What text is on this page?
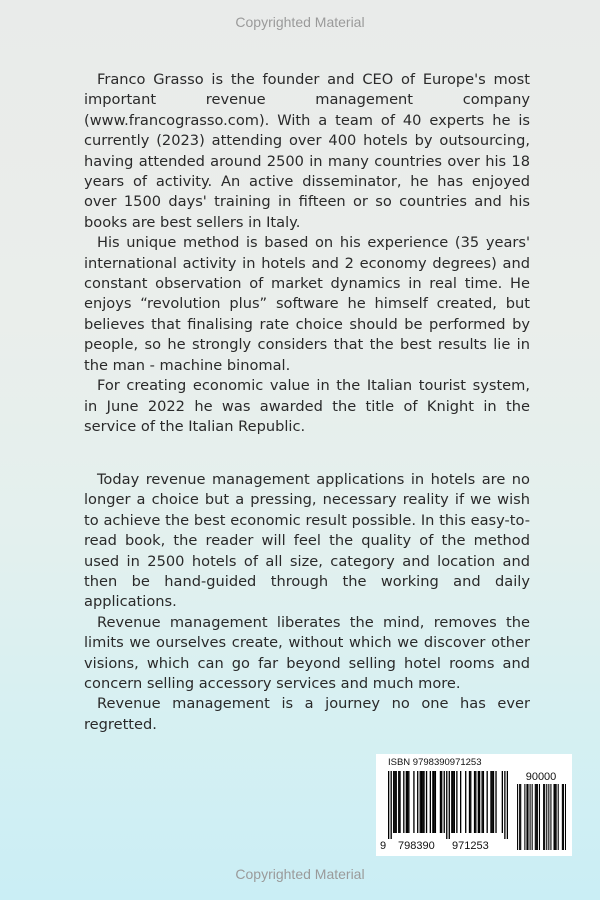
Copyrighted Material

Franco Grasso is the founder and CEO of Europe's most important revenue management company (www.francograsso.com). With a team of 40 experts he is currently (2023) attending over 400 hotels by outsourcing, having attended around 2500 in many countries over his 18 years of activity. An active disseminator, he has enjoyed over 1500 days' training in fifteen or so countries and his books are best sellers in Italy.

His unique method is based on his experience (35 years' international activity in hotels and 2 economy degrees) and constant observation of market dynamics in real time. He enjoys “revolution plus” software he himself created, but believes that finalising rate choice should be performed by people, so he strongly considers that the best results lie in the man - machine binomal.

For creating economic value in the Italian tourist system, in June 2022 he was awarded the title of Knight in the service of the Italian Republic.

Today revenue management applications in hotels are no longer a choice but a pressing, necessary reality if we wish to achieve the best economic result possible. In this easy-to-read book, the reader will feel the quality of the method used in 2500 hotels of all size, category and location and then be hand-guided through the working and daily applications.

Revenue management liberates the mind, removes the limits we ourselves create, without which we discover other visions, which can go far beyond selling hotel rooms and concern selling accessory services and much more.

Revenue management is a journey no one has ever regretted.

ISBN 9798390971253
90000
9 798390 971253
Copyrighted Material
